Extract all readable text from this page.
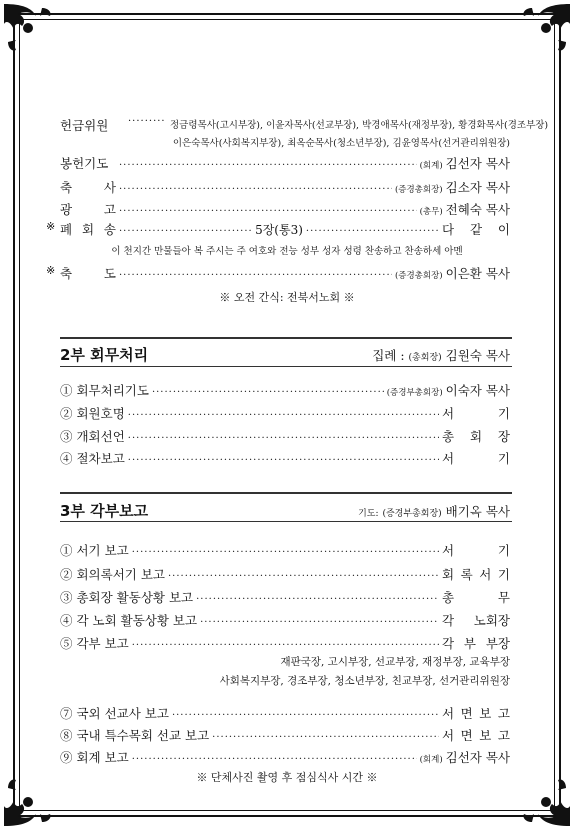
헌금위원 ········· 정금령목사(고시부장), 이윤자목사(선교부장), 박경애목사(재정부장), 황경화목사(경조부장)
이은숙목사(사회복지부장), 최옥순목사(청소년부장), 김윤영목사(선거관리위원장)
봉헌기도 ·····	(회계) 김선자 목사
축 사 ·····	(증경총회장) 김소자 목사
광 고 ·····	(총무) 전혜숙 목사
※ 폐 회 송 ·····	5장(통3) ·····	다 같 이
이 천지간 만물들아 복 주시는 주 여호와 전능 성부 성자 성령 찬송하고 찬송하세 아멘
※ 축 도 ·····	(증경총회장) 이은환 목사
※ 오전 간식: 전북서노회 ※
2부 회무처리	집례 : (총회장) 김원숙 목사
① 회무처리기도 ·····	(증경부총회장) 이숙자 목사
② 회원호명 ·····	서 기
③ 개회선언 ·····	총 회 장
④ 절차보고 ·····	서 기
3부 각부보고	기도: (증경부총회장) 배기옥 목사
① 서기 보고 ·····	서 기
② 회의록서기 보고 ·····	회 록 서 기
③ 총회장 활동상황 보고 ·····	총 무
④ 각 노회 활동상황 보고 ·····	각 노회장
⑤ 각부 보고 ·····	각 부 부장
재판국장, 고시부장, 선교부장, 재정부장, 교육부장
사회복지부장, 경조부장, 청소년부장, 친교부장, 선거관리위원장
⑦ 국외 선교사 보고 ·····	서 면 보 고
⑧ 국내 특수목회 선교 보고 ·····	서 면 보 고
⑨ 회계 보고 ·····	(회계) 김선자 목사
※ 단체사진 촬영 후 점심식사 시간 ※
